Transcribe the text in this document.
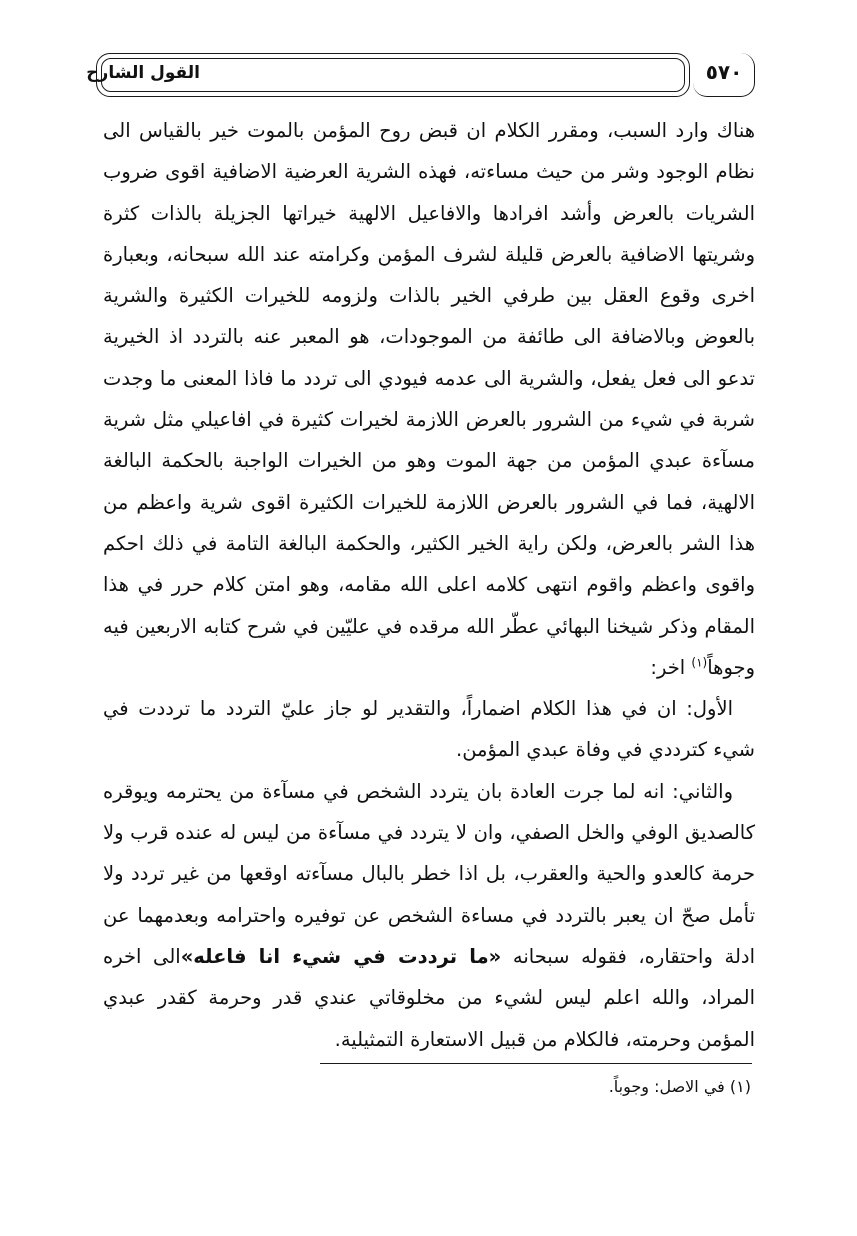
القول الشارح	٥٧٠

هناك وارد السبب، ومقرر الكلام ان قبض روح المؤمن بالموت خير بالقياس الى نظام الوجود وشر من حيث مساءته، فهذه الشرية العرضية الاضافية اقوى ضروب الشريات بالعرض وأشد افرادها والافاعيل الالهية خيراتها الجزيلة بالذات كثرة وشريتها الاضافية بالعرض قليلة لشرف المؤمن وكرامته عند الله سبحانه، وبعبارة اخرى وقوع العقل بين طرفي الخير بالذات ولزومه للخيرات الكثيرة والشرية بالعوض وبالاضافة الى طائفة من الموجودات، هو المعبر عنه بالتردد اذ الخيرية تدعو الى فعل يفعل، والشرية الى عدمه فيودي الى تردد ما فاذا المعنى ما وجدت شربة في شيء من الشرور بالعرض اللازمة لخيرات كثيرة في افاعيلي مثل شرية مسآءة عبدي المؤمن من جهة الموت وهو من الخيرات الواجبة بالحكمة البالغة الالهية، فما في الشرور بالعرض اللازمة للخيرات الكثيرة اقوى شرية واعظم من هذا الشر بالعرض، ولكن راية الخير الكثير، والحكمة البالغة التامة في ذلك احكم واقوى واعظم واقوم انتهى كلامه اعلى الله مقامه، وهو امتن كلام حرر في هذا المقام وذكر شيخنا البهائي عطّر الله مرقده في عليّين في شرح كتابه الاربعين فيه وجوهاً$^{(١)}$ اخر:

الأول: ان في هذا الكلام اضماراً، والتقدير لو جاز عليّ التردد ما ترددت في شيء كترددي في وفاة عبدي المؤمن.

والثاني: انه لما جرت العادة بان يتردد الشخص في مسآءة من يحترمه ويوقره كالصديق الوفي والخل الصفي، وان لا يتردد في مسآءة من ليس له عنده قرب ولا حرمة كالعدو والحية والعقرب، بل اذا خطر بالبال مسآءته اوقعها من غير تردد ولا تأمل صحّ ان يعبر بالتردد في مساءة الشخص عن توفيره واحترامه وبعدمهما عن ادلة واحتقاره، فقوله سبحانه «ما ترددت في شيء انا فاعله»الى اخره المراد، والله اعلم ليس لشيء من مخلوقاتي عندي قدر وحرمة كقدر عبدي المؤمن وحرمته، فالكلام من قبيل الاستعارة التمثيلية.

(١) في الاصل: وجوباً.
